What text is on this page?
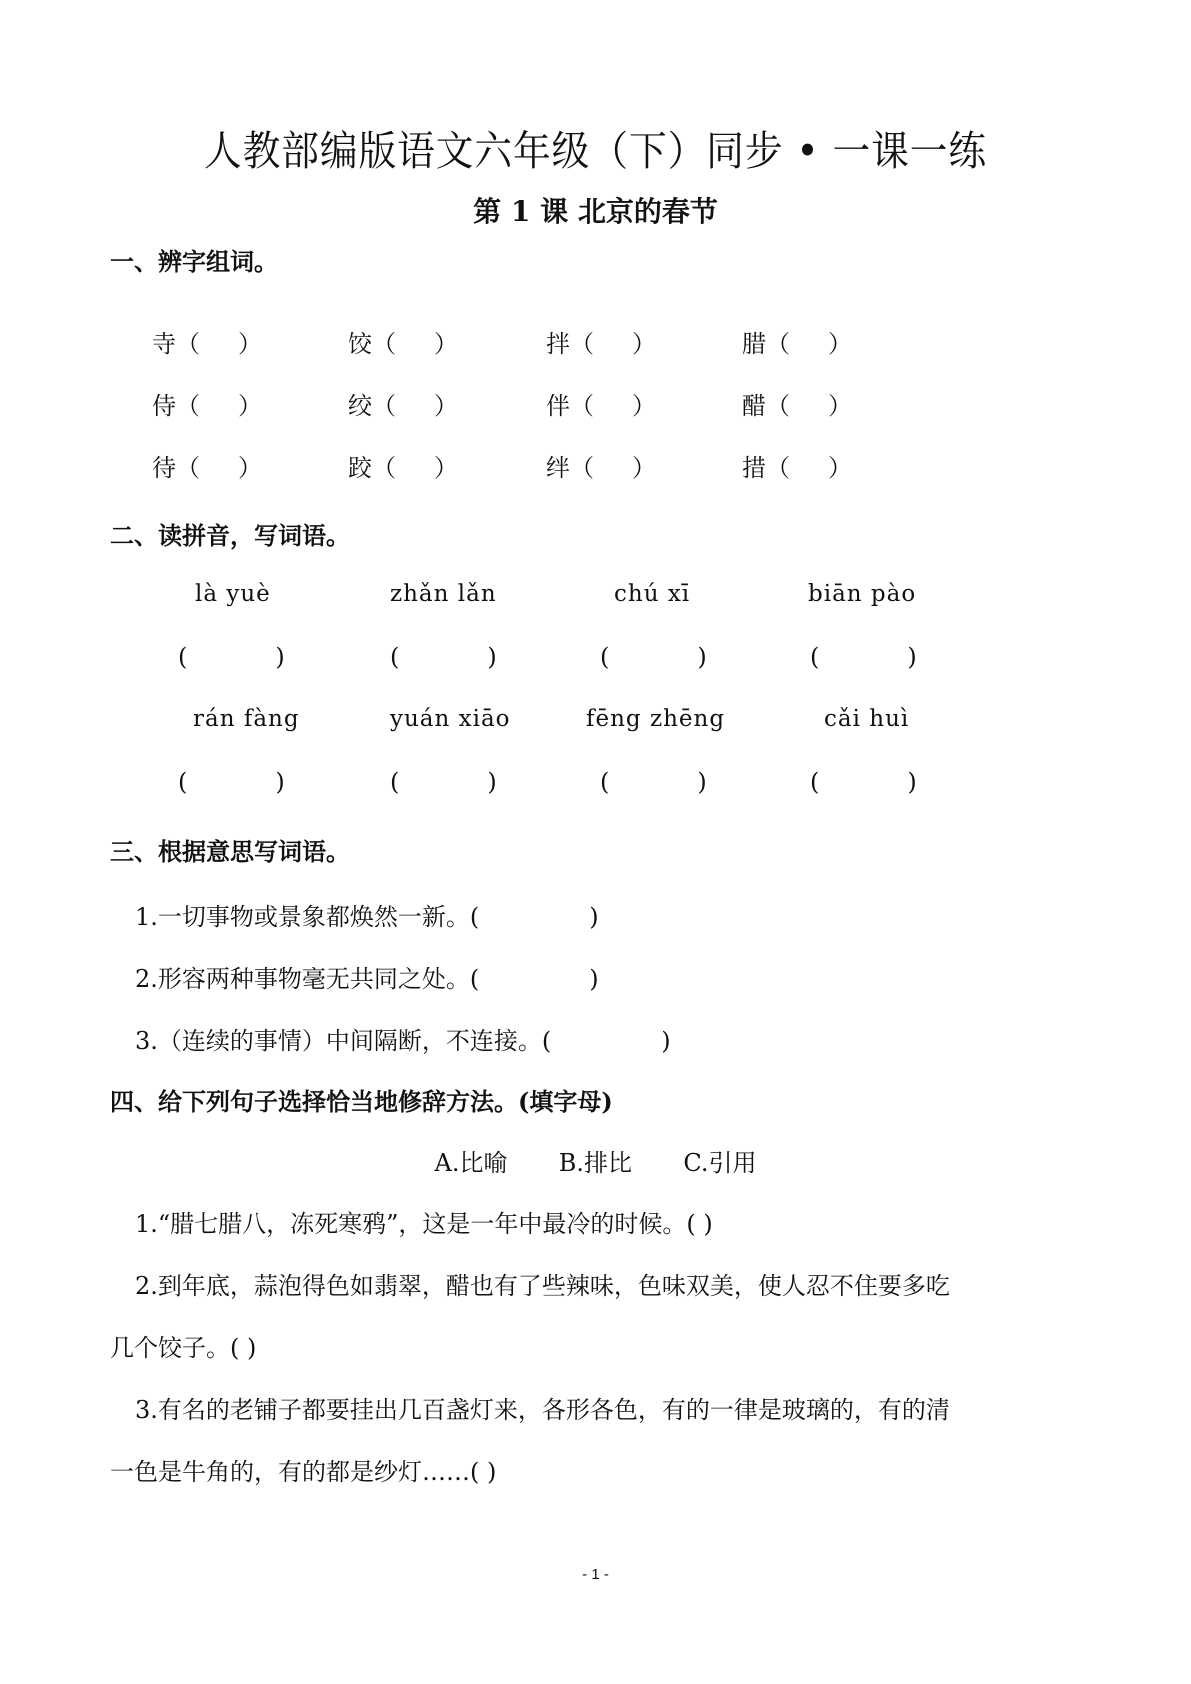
人教部编版语文六年级（下）同步 • 一课一练
第 1 课 北京的春节
一、辨字组词。
寺（ ）	饺（ ）	拌（ ）	腊（ ）
侍（ ）	绞（ ）	伴（ ）	醋（ ）
待（ ）	跤（ ）	绊（ ）	措（ ）
二、读拼音，写词语。
là yuè	zhǎn lǎn	chú xī	biān pào
(	)	(	)	(	)	(	)
rán fàng	yuán xiāo	fēng zhēng	cǎi huì
(	)	(	)	(	)	(	)
三、根据意思写词语。
1.一切事物或景象都焕然一新。(	)
2.形容两种事物毫无共同之处。(	)
3.（连续的事情）中间隔断，不连接。(	)
四、给下列句子选择恰当地修辞方法。(填字母)
A.比喻 B.排比 C.引用
1.“腊七腊八，冻死寒鸦”，这是一年中最冷的时候。( )
2.到年底，蒜泡得色如翡翠，醋也有了些辣味，色味双美，使人忍不住要多吃
几个饺子。( )
3.有名的老铺子都要挂出几百盏灯来，各形各色，有的一律是玻璃的，有的清
一色是牛角的，有的都是纱灯……( )
- 1 -
